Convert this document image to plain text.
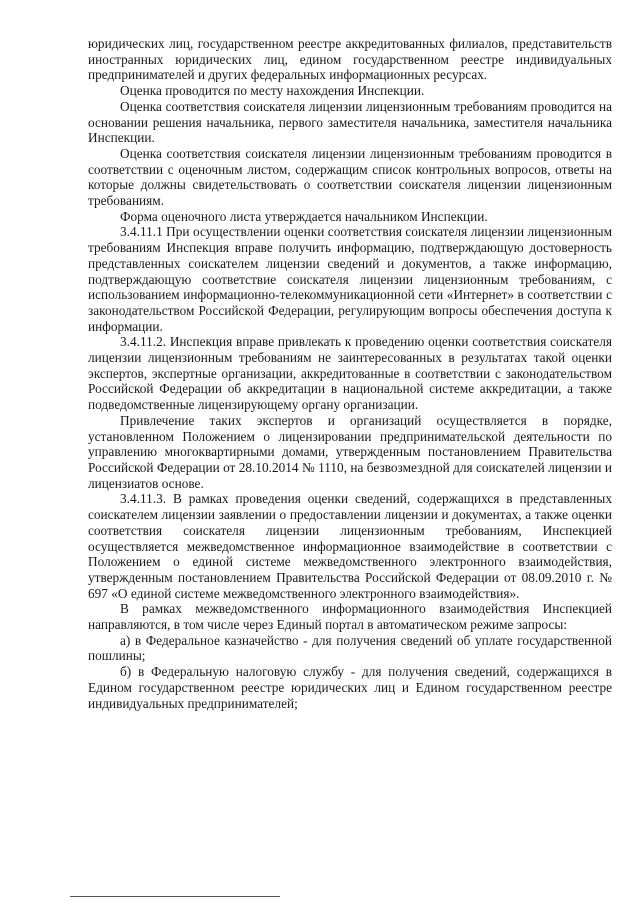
юридических лиц, государственном реестре аккредитованных филиалов, представительств иностранных юридических лиц, едином государственном реестре индивидуальных предпринимателей и других федеральных информационных ресурсах.

Оценка проводится по месту нахождения Инспекции.

Оценка соответствия соискателя лицензии лицензионным требованиям проводится на основании решения начальника, первого заместителя начальника, заместителя начальника Инспекции.

Оценка соответствия соискателя лицензии лицензионным требованиям проводится в соответствии с оценочным листом, содержащим список контрольных вопросов, ответы на которые должны свидетельствовать о соответствии соискателя лицензии лицензионным требованиям.

Форма оценочного листа утверждается начальником Инспекции.

3.4.11.1 При осуществлении оценки соответствия соискателя лицензии лицензионным требованиям Инспекция вправе получить информацию, подтверждающую достоверность представленных соискателем лицензии сведений и документов, а также информацию, подтверждающую соответствие соискателя лицензии лицензионным требованиям, с использованием информационно-телекоммуникационной сети «Интернет» в соответствии с законодательством Российской Федерации, регулирующим вопросы обеспечения доступа к информации.

3.4.11.2. Инспекция вправе привлекать к проведению оценки соответствия соискателя лицензии лицензионным требованиям не заинтересованных в результатах такой оценки экспертов, экспертные организации, аккредитованные в соответствии с законодательством Российской Федерации об аккредитации в национальной системе аккредитации, а также подведомственные лицензирующему органу организации.

Привлечение таких экспертов и организаций осуществляется в порядке, установленном Положением о лицензировании предпринимательской деятельности по управлению многоквартирными домами, утвержденным постановлением Правительства Российской Федерации от 28.10.2014 № 1110, на безвозмездной для соискателей лицензии и лицензиатов основе.

3.4.11.3. В рамках проведения оценки сведений, содержащихся в представленных соискателем лицензии заявлении о предоставлении лицензии и документах, а также оценки соответствия соискателя лицензии лицензионным требованиям, Инспекцией осуществляется межведомственное информационное взаимодействие в соответствии с Положением о единой системе межведомственного электронного взаимодействия, утвержденным постановлением Правительства Российской Федерации от 08.09.2010 г. № 697 «О единой системе межведомственного электронного взаимодействия».

В рамках межведомственного информационного взаимодействия Инспекцией направляются, в том числе через Единый портал в автоматическом режиме запросы:

а) в Федеральное казначейство - для получения сведений об уплате государственной пошлины;

б) в Федеральную налоговую службу - для получения сведений, содержащихся в Едином государственном реестре юридических лиц и Едином государственном реестре индивидуальных предпринимателей;
